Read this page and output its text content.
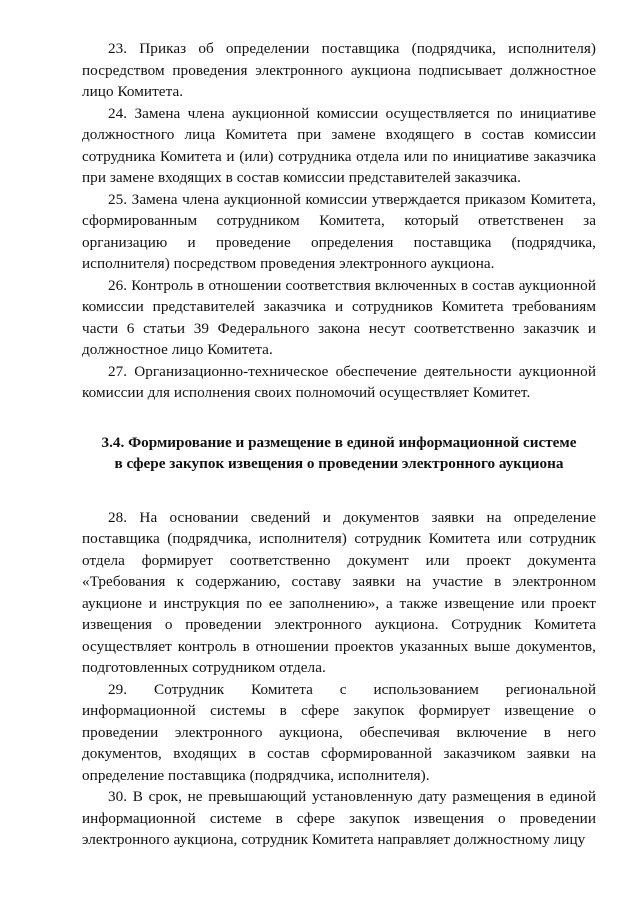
23. Приказ об определении поставщика (подрядчика, исполнителя) посредством проведения электронного аукциона подписывает должностное лицо Комитета.

24. Замена члена аукционной комиссии осуществляется по инициативе должностного лица Комитета при замене входящего в состав комиссии сотрудника Комитета и (или) сотрудника отдела или по инициативе заказчика при замене входящих в состав комиссии представителей заказчика.

25. Замена члена аукционной комиссии утверждается приказом Комитета, сформированным сотрудником Комитета, который ответственен за организацию и проведение определения поставщика (подрядчика, исполнителя) посредством проведения электронного аукциона.

26. Контроль в отношении соответствия включенных в состав аукционной комиссии представителей заказчика и сотрудников Комитета требованиям части 6 статьи 39 Федерального закона несут соответственно заказчик и должностное лицо Комитета.

27. Организационно-техническое обеспечение деятельности аукционной комиссии для исполнения своих полномочий осуществляет Комитет.

3.4. Формирование и размещение в единой информационной системе
в сфере закупок извещения о проведении электронного аукциона

28. На основании сведений и документов заявки на определение поставщика (подрядчика, исполнителя) сотрудник Комитета или сотрудник отдела формирует соответственно документ или проект документа «Требования к содержанию, составу заявки на участие в электронном аукционе и инструкция по ее заполнению», а также извещение или проект извещения о проведении электронного аукциона. Сотрудник Комитета осуществляет контроль в отношении проектов указанных выше документов, подготовленных сотрудником отдела.

29. Сотрудник Комитета с использованием региональной информационной системы в сфере закупок формирует извещение о проведении электронного аукциона, обеспечивая включение в него документов, входящих в состав сформированной заказчиком заявки на определение поставщика (подрядчика, исполнителя).

30. В срок, не превышающий установленную дату размещения в единой информационной системе в сфере закупок извещения о проведении электронного аукциона, сотрудник Комитета направляет должностному лицу
